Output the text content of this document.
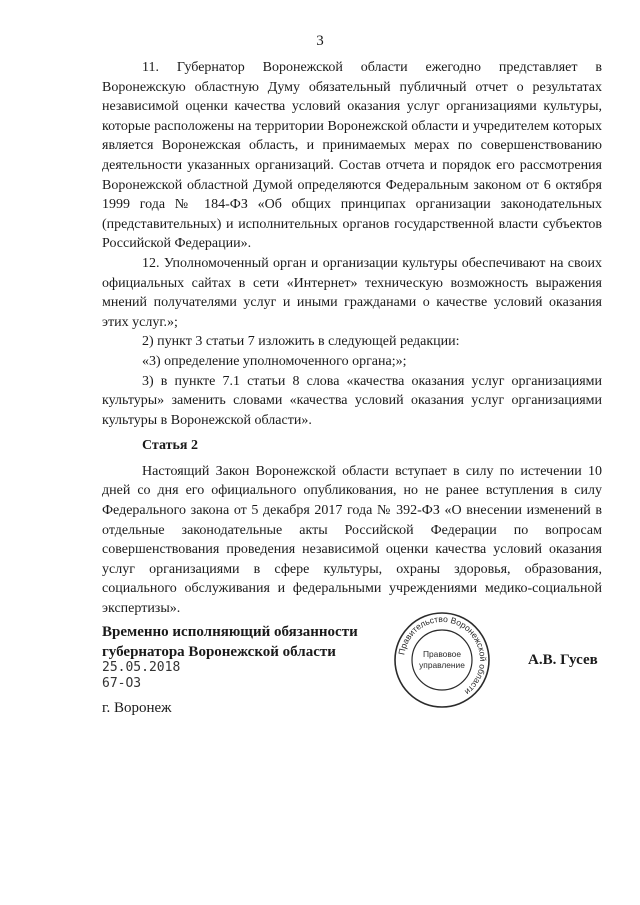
3

11. Губернатор Воронежской области ежегодно представляет в Воронежскую областную Думу обязательный публичный отчет о результатах независимой оценки качества условий оказания услуг организациями культуры, которые расположены на территории Воронежской области и учредителем которых является Воронежская область, и принимаемых мерах по совершенствованию деятельности указанных организаций. Состав отчета и порядок его рассмотрения Воронежской областной Думой определяются Федеральным законом от 6 октября 1999 года № 184-ФЗ «Об общих принципах организации законодательных (представительных) и исполнительных органов государственной власти субъектов Российской Федерации».

12. Уполномоченный орган и организации культуры обеспечивают на своих официальных сайтах в сети «Интернет» техническую возможность выражения мнений получателями услуг и иными гражданами о качестве условий оказания этих услуг.»;

2) пункт 3 статьи 7 изложить в следующей редакции:

«3) определение уполномоченного органа;»;

3) в пункте 7.1 статьи 8 слова «качества оказания услуг организациями культуры» заменить словами «качества условий оказания услуг организациями культуры в Воронежской области».

Статья 2

Настоящий Закон Воронежской области вступает в силу по истечении 10 дней со дня его официального опубликования, но не ранее вступления в силу Федерального закона от 5 декабря 2017 года № 392-ФЗ «О внесении изменений в отдельные законодательные акты Российской Федерации по вопросам совершенствования проведения независимой оценки качества условий оказания услуг организациями в сфере культуры, охраны здоровья, образования, социального обслуживания и федеральными учреждениями медико-социальной экспертизы».

Временно исполняющий обязанности
губернатора Воронежской области
25.05.2018
67-ОЗ
г. Воронеж
А.В. Гусев
Правительство Воронежской области
Правовое
управление
